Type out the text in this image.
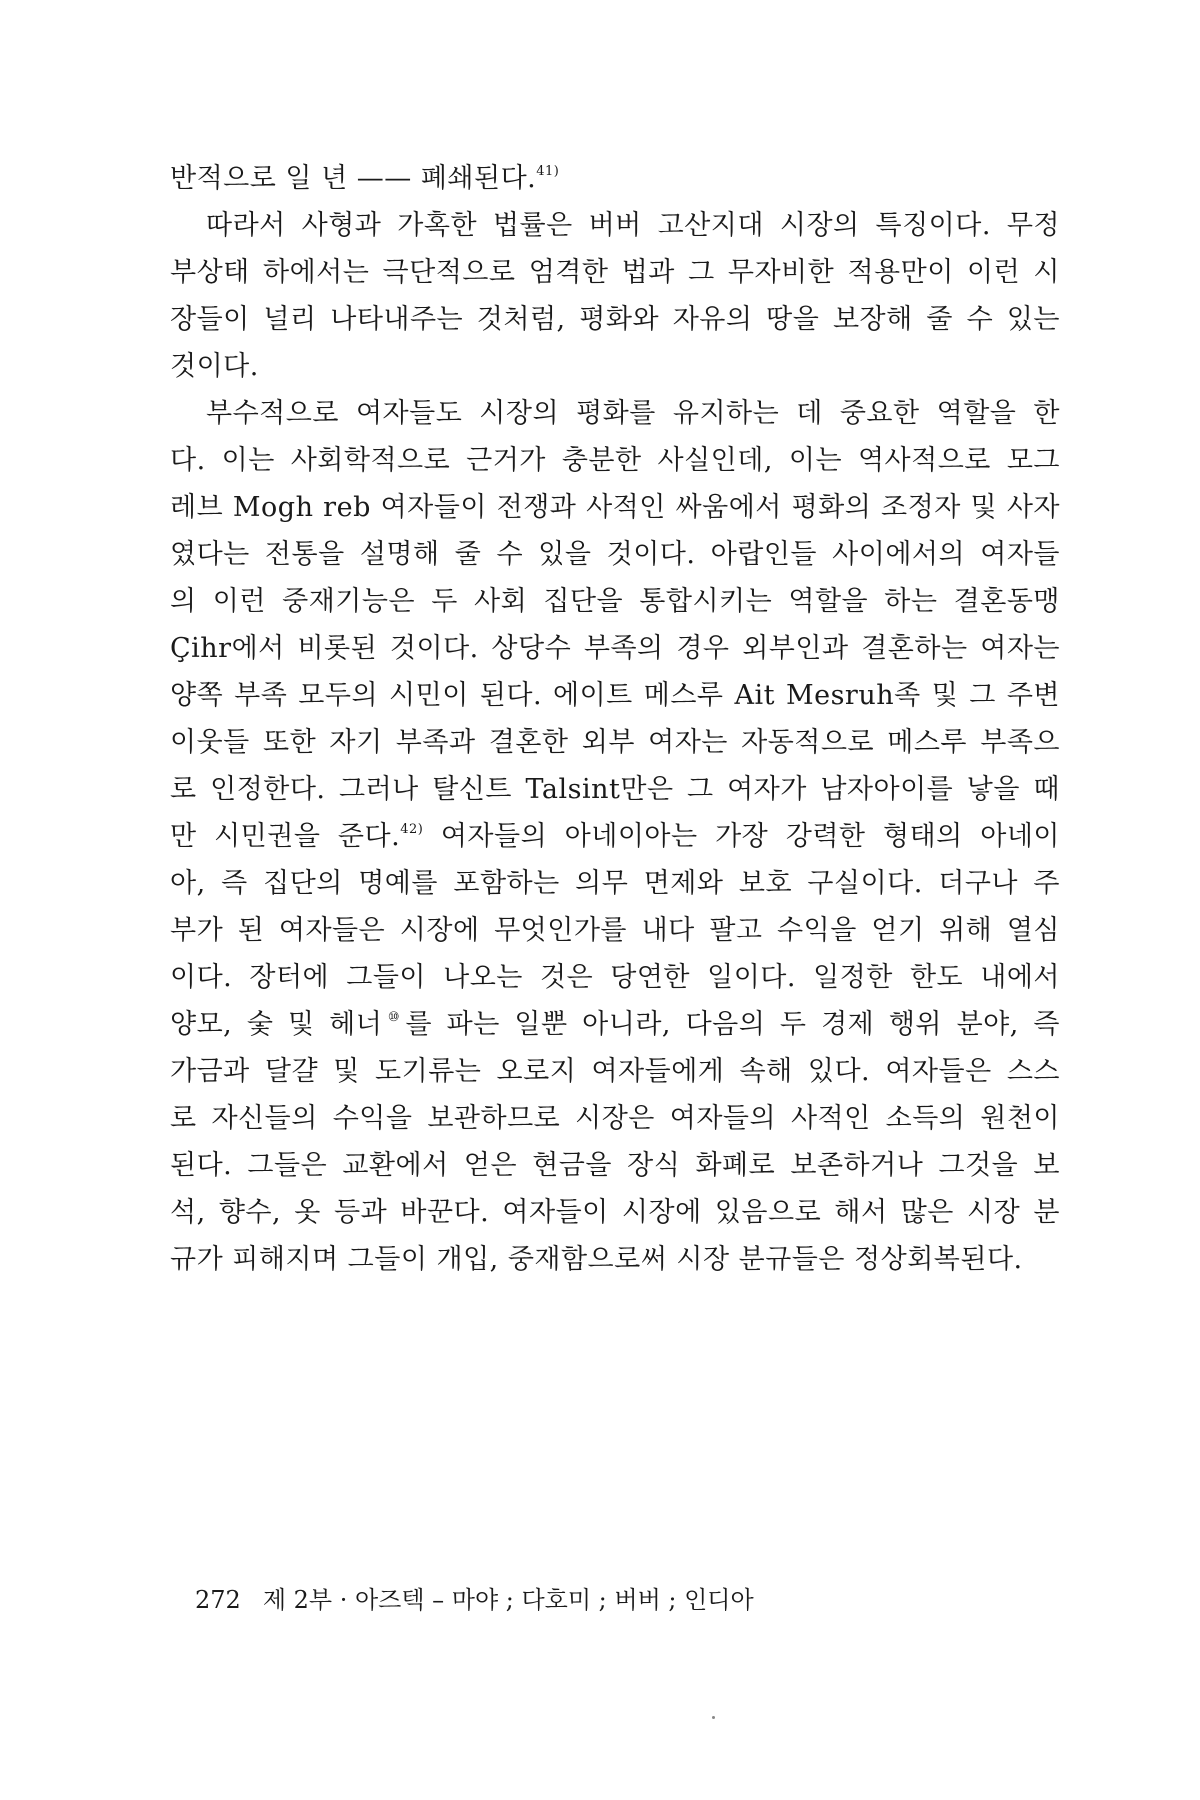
반적으로 일 년 —— 폐쇄된다.$^{41)}$

따라서 사형과 가혹한 법률은 버버 고산지대 시장의 특징이다. 무정
부상태 하에서는 극단적으로 엄격한 법과 그 무자비한 적용만이 이런 시
장들이 널리 나타내주는 것처럼, 평화와 자유의 땅을 보장해 줄 수 있는
것이다.

부수적으로 여자들도 시장의 평화를 유지하는 데 중요한 역할을 한
다. 이는 사회학적으로 근거가 충분한 사실인데, 이는 역사적으로 모그
레브 Mogh reb 여자들이 전쟁과 사적인 싸움에서 평화의 조정자 및 사자
였다는 전통을 설명해 줄 수 있을 것이다. 아랍인들 사이에서의 여자들
의 이런 중재기능은 두 사회 집단을 통합시키는 역할을 하는 결혼동맹
Çihr에서 비롯된 것이다. 상당수 부족의 경우 외부인과 결혼하는 여자는
양쪽 부족 모두의 시민이 된다. 에이트 메스루 Ait Mesruh족 및 그 주변
이웃들 또한 자기 부족과 결혼한 외부 여자는 자동적으로 메스루 부족으
로 인정한다. 그러나 탈신트 Talsint만은 그 여자가 남자아이를 낳을 때
만 시민권을 준다.$^{42)}$ 여자들의 아네이아는 가장 강력한 형태의 아네이
아, 즉 집단의 명예를 포함하는 의무 면제와 보호 구실이다. 더구나 주
부가 된 여자들은 시장에 무엇인가를 내다 팔고 수익을 얻기 위해 열심
이다. 장터에 그들이 나오는 것은 당연한 일이다. 일정한 한도 내에서
양모, 숯 및 헤너⑩를 파는 일뿐 아니라, 다음의 두 경제 행위 분야, 즉
가금과 달걀 및 도기류는 오로지 여자들에게 속해 있다. 여자들은 스스
로 자신들의 수익을 보관하므로 시장은 여자들의 사적인 소득의 원천이
된다. 그들은 교환에서 얻은 현금을 장식 화폐로 보존하거나 그것을 보
석, 향수, 옷 등과 바꾼다. 여자들이 시장에 있음으로 해서 많은 시장 분
규가 피해지며 그들이 개입, 중재함으로써 시장 분규들은 정상회복된다.

272 제 2부 · 아즈텍 – 마야 ; 다호미 ; 버버 ; 인디아
